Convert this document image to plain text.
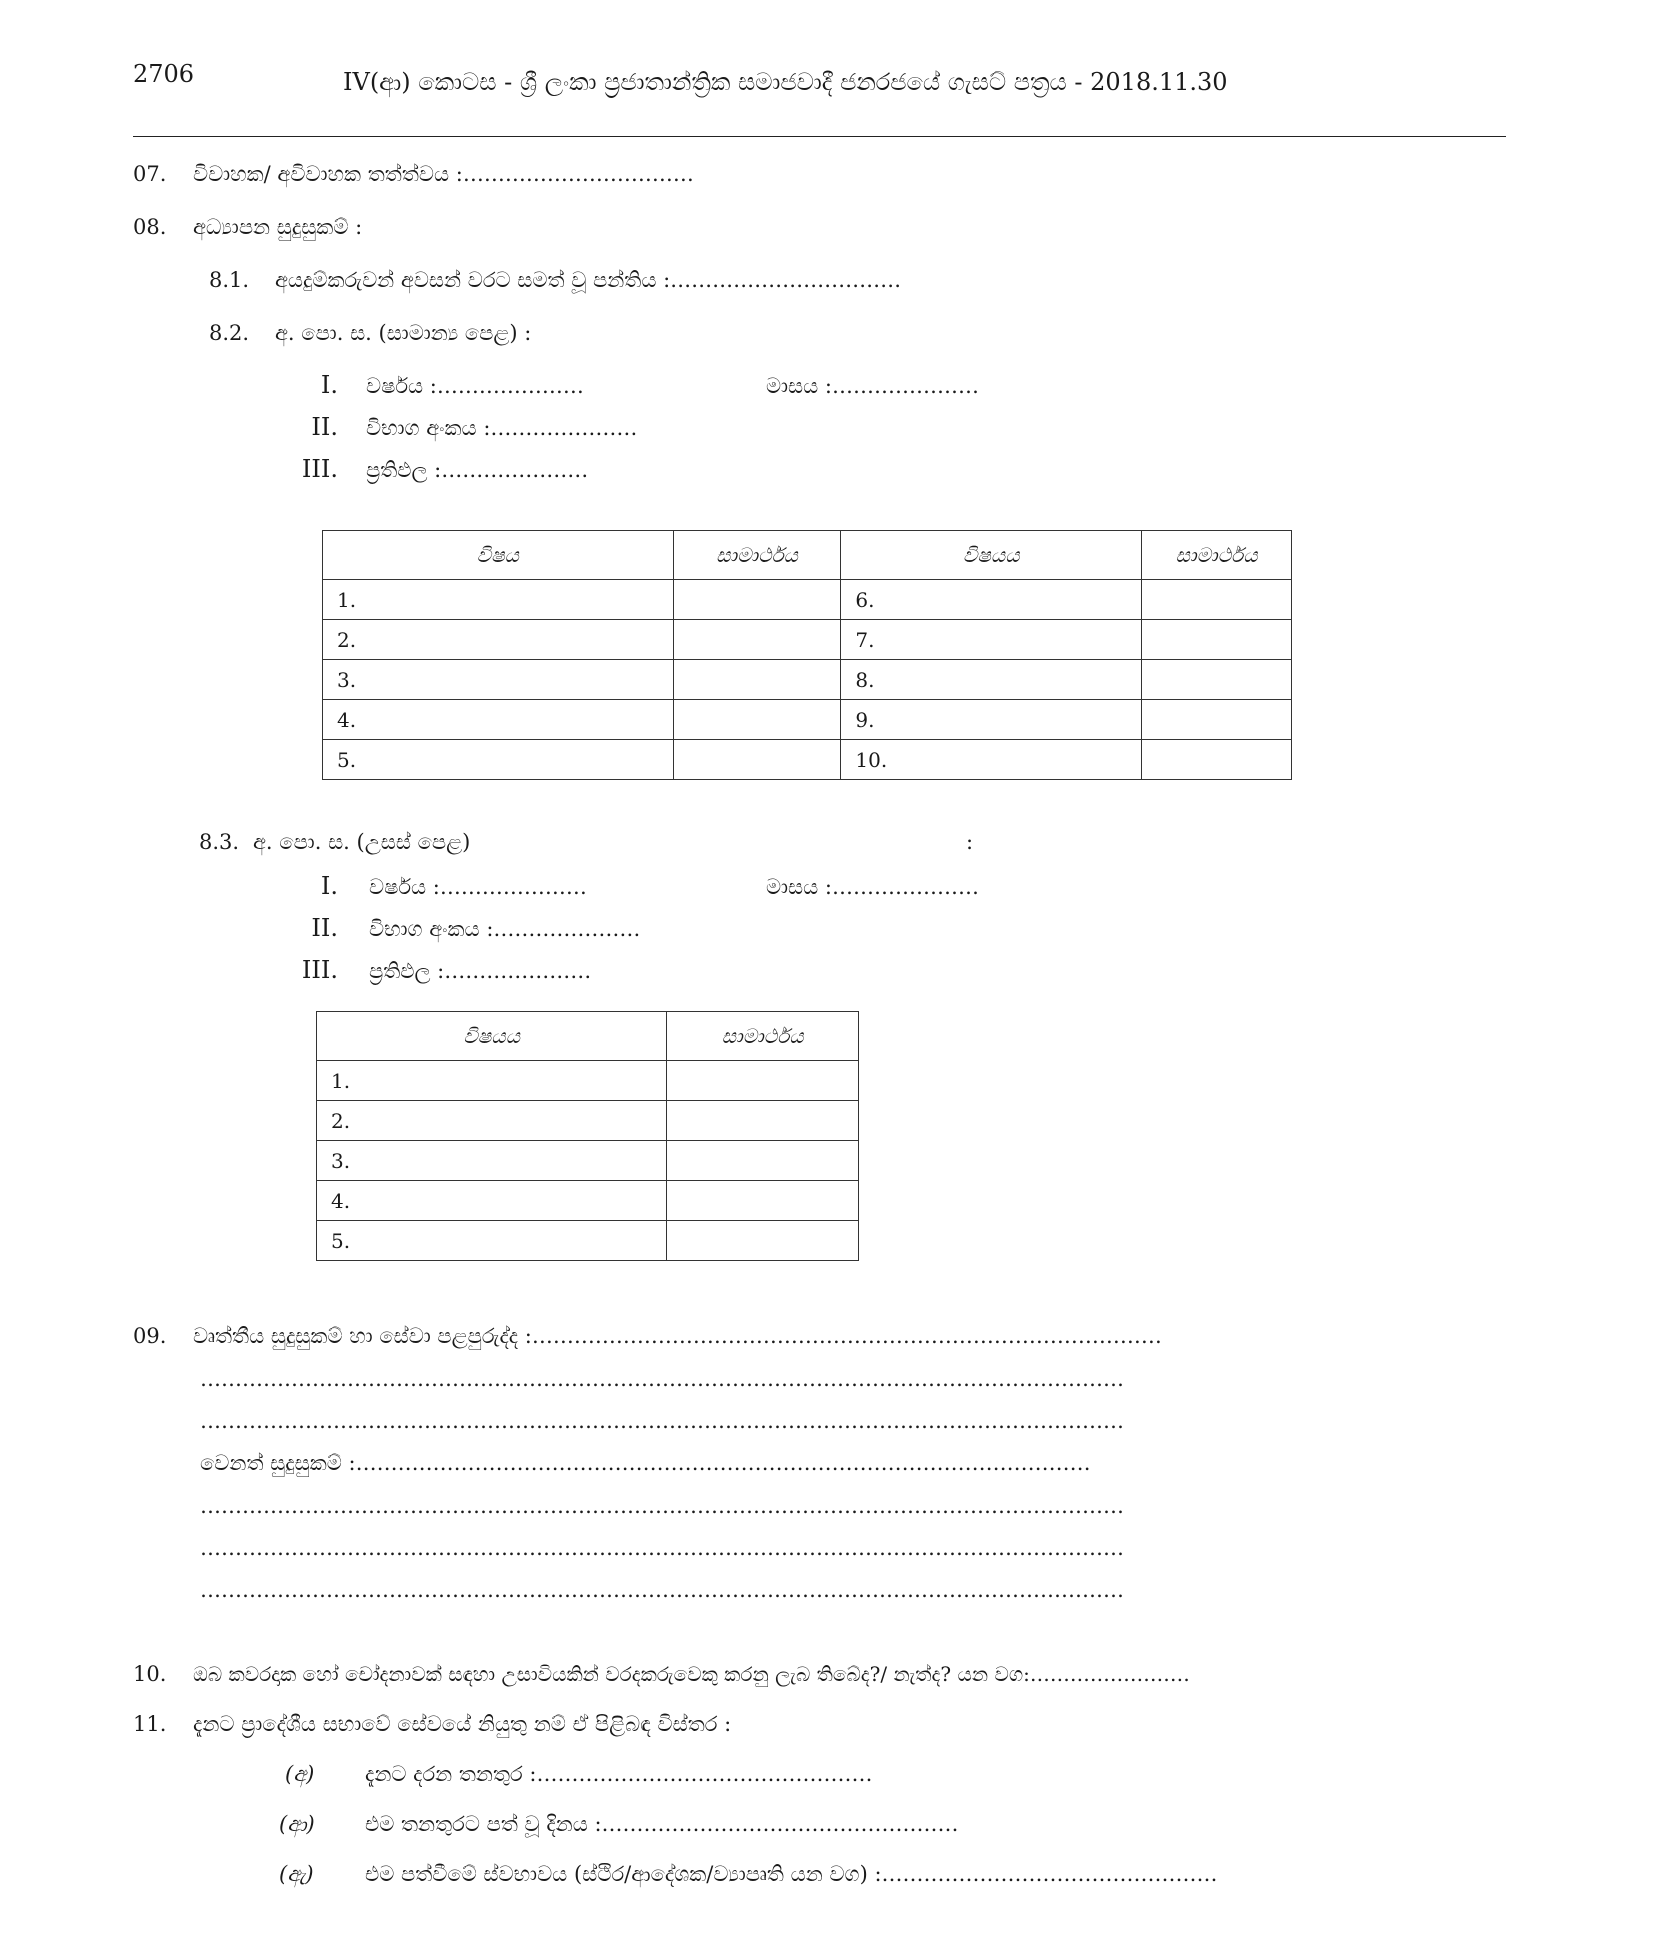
2706	IV(ආ) කොටස - ශ්‍රී ලංකා ප්‍රජාතාන්ත්‍රික සමාජවාදී ජනරජයේ ගැසට් පත්‍රය - 2018.11.30
07. විවාහක/ අවිවාහක තත්ත්වය :……………………………
08. අධ්‍යාපන සුදුසුකම් :
8.1. අයදුම්කරුවන් අවසන් වරට සමත් වූ පන්තිය :……………………………
8.2. අ. පො. ස. (සාමාන්‍ය පෙළ) :
I. වර්ෂය :…………………	මාසය :…………………
II. විභාග අංකය :…………………
III. ප්‍රතිඵල :…………………
විෂය	සාමාර්ථය	විෂයය	සාමාර්ථය
1.		6.	
2.		7.	
3.		8.	
4.		9.	
5.		10.	
8.3. අ. පො. ස. (උසස් පෙළ)	:
I. වර්ෂය :…………………	මාසය :…………………
II. විභාග අංකය :…………………
III. ප්‍රතිඵල :…………………
විෂයය	සාමාර්ථය
1.	
2.	
3.	
4.	
5.	
09. වෘත්තීය සුදුසුකම් හා සේවා පළපුරුද්ද :………………………………………………………………………………
……………………………………………………………………………………………………………………
……………………………………………………………………………………………………………………
වෙනත් සුදුසුකම් :……………………………………………………………………………………………
……………………………………………………………………………………………………………………
……………………………………………………………………………………………………………………
……………………………………………………………………………………………………………………
10. ඔබ කවරදාක හෝ චෝදනාවක් සඳහා උසාවියකින් වරදකරුවෙකු කරනු ලැබ තිබේද?/ නැත්ද? යන වග:……………………
11. දැනට ප්‍රාදේශීය සභාවේ සේවයේ නියුතු නම් ඒ පිළිබඳ විස්තර :
(අ) දැනට දරන තනතුර :…………………………………………
(ආ) එම තනතුරට පත් වූ දිනය :……………………………………………
(ඇ) එම පත්වීමේ ස්වභාවය (ස්ථිර/ආදේශක/ව්‍යාපෘති යන වග) :…………………………………………
